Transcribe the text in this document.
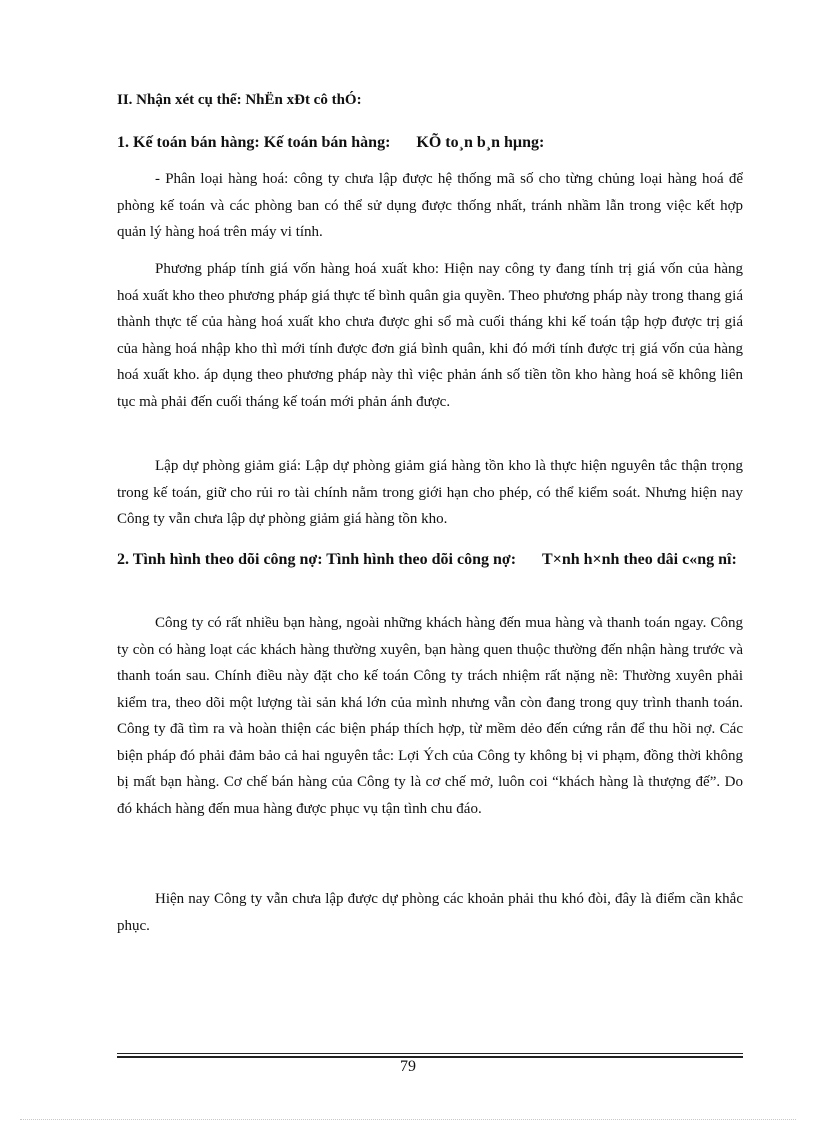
II. Nhận xét cụ thể: NhËn xÐt cô thÓ:

1. Kế toán bán hàng: Kế toán bán hàng: KÕ to¸n b¸n hµng:

- Phân loại hàng hoá: công ty chưa lập được hệ thống mã số cho từng chủng loại hàng hoá để phòng kế toán và các phòng ban có thể sử dụng được thống nhất, tránh nhầm lẫn trong việc kết hợp quản lý hàng hoá trên máy vi tính.

Phương pháp tính giá vốn hàng hoá xuất kho: Hiện nay công ty đang tính trị giá vốn của hàng hoá xuất kho theo phương pháp giá thực tế bình quân gia quyền. Theo phương pháp này trong thang giá thành thực tế của hàng hoá xuất kho chưa được ghi sổ mà cuối tháng khi kế toán tập hợp được trị giá của hàng hoá nhập kho thì mới tính được đơn giá bình quân, khi đó mới tính được trị giá vốn của hàng hoá xuất kho. áp dụng theo phương pháp này thì việc phản ánh số tiền tồn kho hàng hoá sẽ không liên tục mà phải đến cuối tháng kế toán mới phản ánh được.

Lập dự phòng giảm giá: Lập dự phòng giảm giá hàng tồn kho là thực hiện nguyên tắc thận trọng trong kế toán, giữ cho rủi ro tài chính nằm trong giới hạn cho phép, có thể kiểm soát. Nhưng hiện nay Công ty vẫn chưa lập dự phòng giảm giá hàng tồn kho.

2. Tình hình theo dõi công nợ: Tình hình theo dõi công nợ: T×nh h×nh theo dâi c«ng nî:

Công ty có rất nhiều bạn hàng, ngoài những khách hàng đến mua hàng và thanh toán ngay. Công ty còn có hàng loạt các khách hàng thường xuyên, bạn hàng quen thuộc thường đến nhận hàng trước và thanh toán sau. Chính điều này đặt cho kế toán Công ty trách nhiệm rất nặng nề: Thường xuyên phải kiểm tra, theo dõi một lượng tài sản khá lớn của mình nhưng vẫn còn đang trong quy trình thanh toán. Công ty đã tìm ra và hoàn thiện các biện pháp thích hợp, từ mềm dẻo đến cứng rắn để thu hồi nợ. Các biện pháp đó phải đảm bảo cả hai nguyên tắc: Lợi Ých của Công ty không bị vi phạm, đồng thời không bị mất bạn hàng. Cơ chế bán hàng của Công ty là cơ chế mở, luôn coi “khách hàng là thượng đế”. Do đó khách hàng đến mua hàng được phục vụ tận tình chu đáo.

Hiện nay Công ty vẫn chưa lập được dự phòng các khoản phải thu khó đòi, đây là điểm cần khắc phục.

79
